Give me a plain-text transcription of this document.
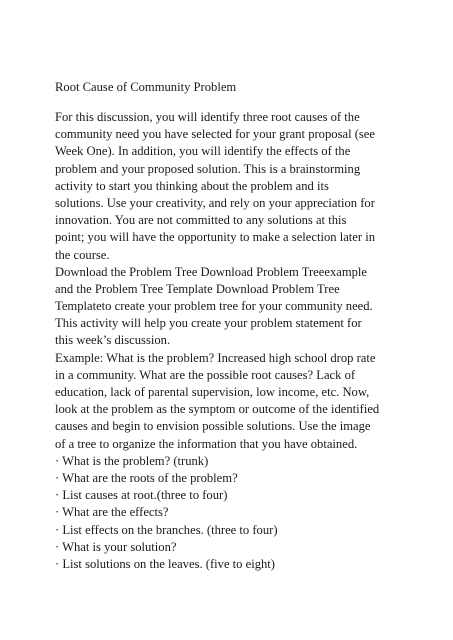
Root Cause of Community Problem
For this discussion, you will identify three root causes of the
community need you have selected for your grant proposal (see
Week One). In addition, you will identify the effects of the
problem and your proposed solution. This is a brainstorming
activity to start you thinking about the problem and its
solutions. Use your creativity, and rely on your appreciation for
innovation. You are not committed to any solutions at this
point; you will have the opportunity to make a selection later in
the course.
Download the Problem Tree Download Problem Treeexample
and the Problem Tree Template Download Problem Tree
Templateto create your problem tree for your community need.
This activity will help you create your problem statement for
this week’s discussion.
Example: What is the problem? Increased high school drop rate
in a community. What are the possible root causes? Lack of
education, lack of parental supervision, low income, etc. Now,
look at the problem as the symptom or outcome of the identified
causes and begin to envision possible solutions. Use the image
of a tree to organize the information that you have obtained.
· What is the problem? (trunk)
· What are the roots of the problem?
· List causes at root.(three to four)
· What are the effects?
· List effects on the branches. (three to four)
· What is your solution?
· List solutions on the leaves. (five to eight)
